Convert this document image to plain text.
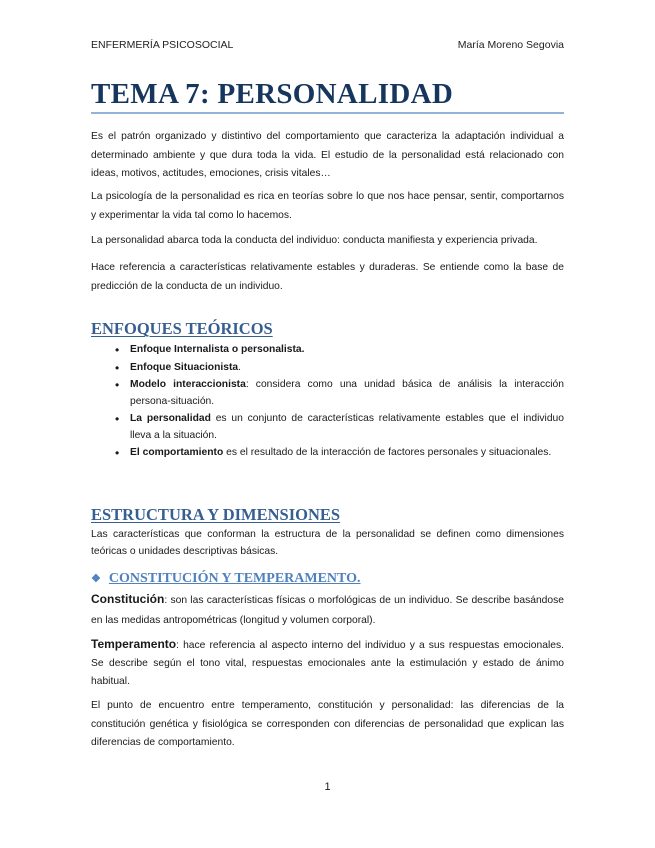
ENFERMERÍA PSICOSOCIAL	María Moreno Segovia
TEMA 7: PERSONALIDAD

Es el patrón organizado y distintivo del comportamiento que caracteriza la adaptación individual a determinado ambiente y que dura toda la vida. El estudio de la personalidad está relacionado con ideas, motivos, actitudes, emociones, crisis vitales…

La psicología de la personalidad es rica en teorías sobre lo que nos hace pensar, sentir, comportarnos y experimentar la vida tal como lo hacemos.

La personalidad abarca toda la conducta del individuo: conducta manifiesta y experiencia privada.

Hace referencia a características relativamente estables y duraderas. Se entiende como la base de predicción de la conducta de un individuo.

ENFOQUES TEÓRICOS
• Enfoque Internalista o personalista.
• Enfoque Situacionista.
• Modelo interaccionista: considera como una unidad básica de análisis la interacción persona-situación.
• La personalidad es un conjunto de características relativamente estables que el individuo lleva a la situación.
• El comportamiento es el resultado de la interacción de factores personales y situacionales.
ESTRUCTURA Y DIMENSIONES

Las características que conforman la estructura de la personalidad se definen como dimensiones teóricas o unidades descriptivas básicas.

❖ CONSTITUCIÓN Y TEMPERAMENTO.

Constitución: son las características físicas o morfológicas de un individuo. Se describe basándose en las medidas antropométricas (longitud y volumen corporal).

Temperamento: hace referencia al aspecto interno del individuo y a sus respuestas emocionales. Se describe según el tono vital, respuestas emocionales ante la estimulación y estado de ánimo habitual.

El punto de encuentro entre temperamento, constitución y personalidad: las diferencias de la constitución genética y fisiológica se corresponden con diferencias de personalidad que explican las diferencias de comportamiento.

1
